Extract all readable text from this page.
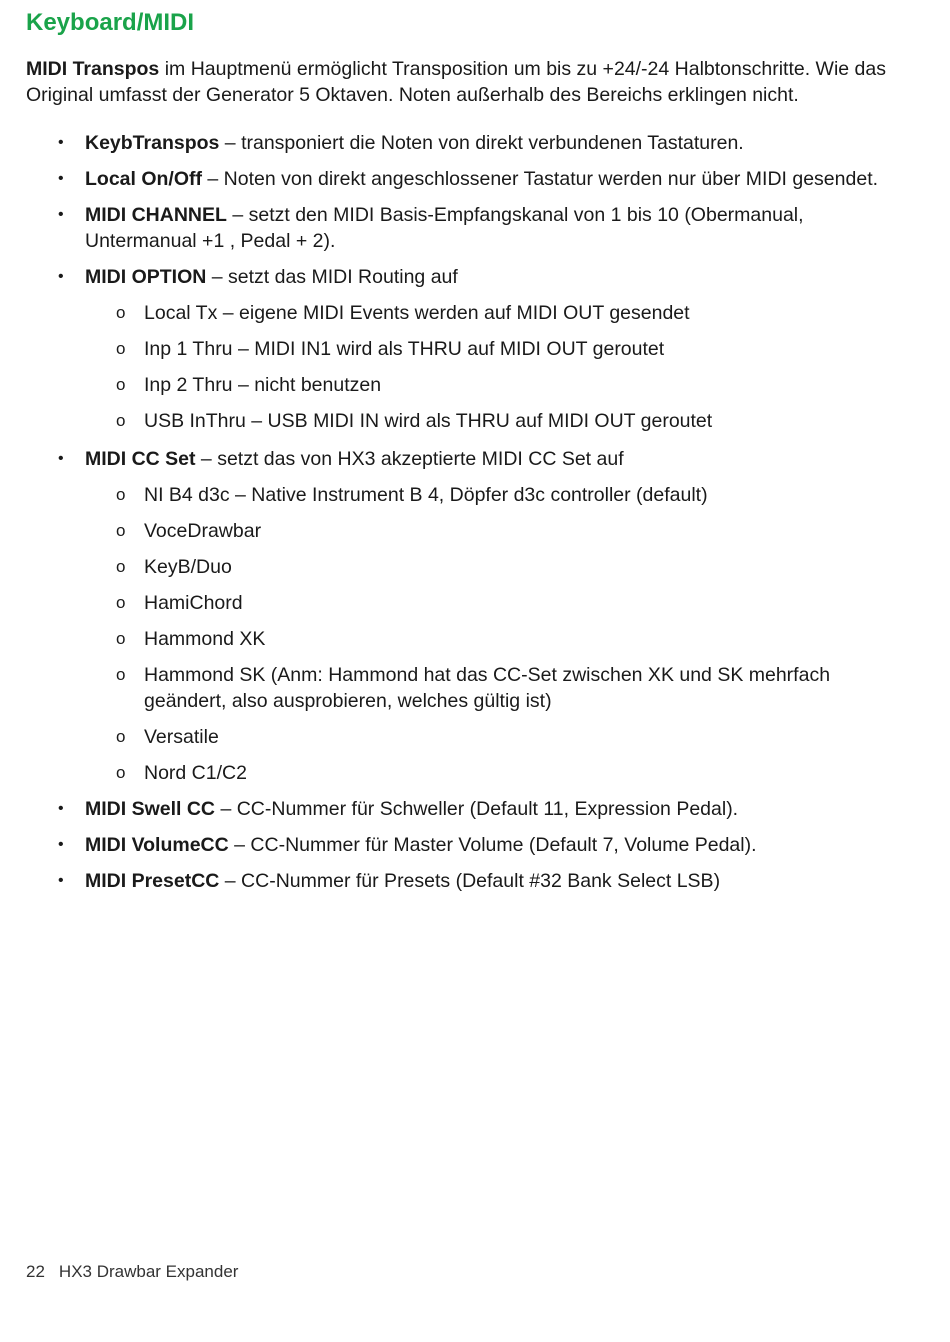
Keyboard/MIDI

MIDI Transpos im Hauptmenü ermöglicht Transposition um bis zu +24/-24 Halbtonschritte. Wie das Original umfasst der Generator 5 Oktaven. Noten außerhalb des Bereichs erklingen nicht.

• KeybTranspos – transponiert die Noten von direkt verbundenen Tastaturen.
• Local On/Off – Noten von direkt angeschlossener Tastatur werden nur über MIDI gesendet.
• MIDI CHANNEL – setzt den MIDI Basis-Empfangskanal von 1 bis 10 (Obermanual, Untermanual +1 , Pedal + 2).
• MIDI OPTION – setzt das MIDI Routing auf
o Local Tx – eigene MIDI Events werden auf MIDI OUT gesendet
o Inp 1 Thru – MIDI IN1 wird als THRU auf MIDI OUT geroutet
o Inp 2 Thru – nicht benutzen
o USB InThru – USB MIDI IN wird als THRU auf MIDI OUT geroutet
• MIDI CC Set – setzt das von HX3 akzeptierte MIDI CC Set auf
o NI B4 d3c – Native Instrument B 4, Döpfer d3c controller (default)
o VoceDrawbar
o KeyB/Duo
o HamiChord
o Hammond XK
o Hammond SK (Anm: Hammond hat das CC-Set zwischen XK und SK mehrfach geändert, also ausprobieren, welches gültig ist)
o Versatile
o Nord C1/C2
• MIDI Swell CC – CC-Nummer für Schweller (Default 11, Expression Pedal).
• MIDI VolumeCC – CC-Nummer für Master Volume (Default 7, Volume Pedal).
• MIDI PresetCC – CC-Nummer für Presets (Default #32 Bank Select LSB)
22 HX3 Drawbar Expander
